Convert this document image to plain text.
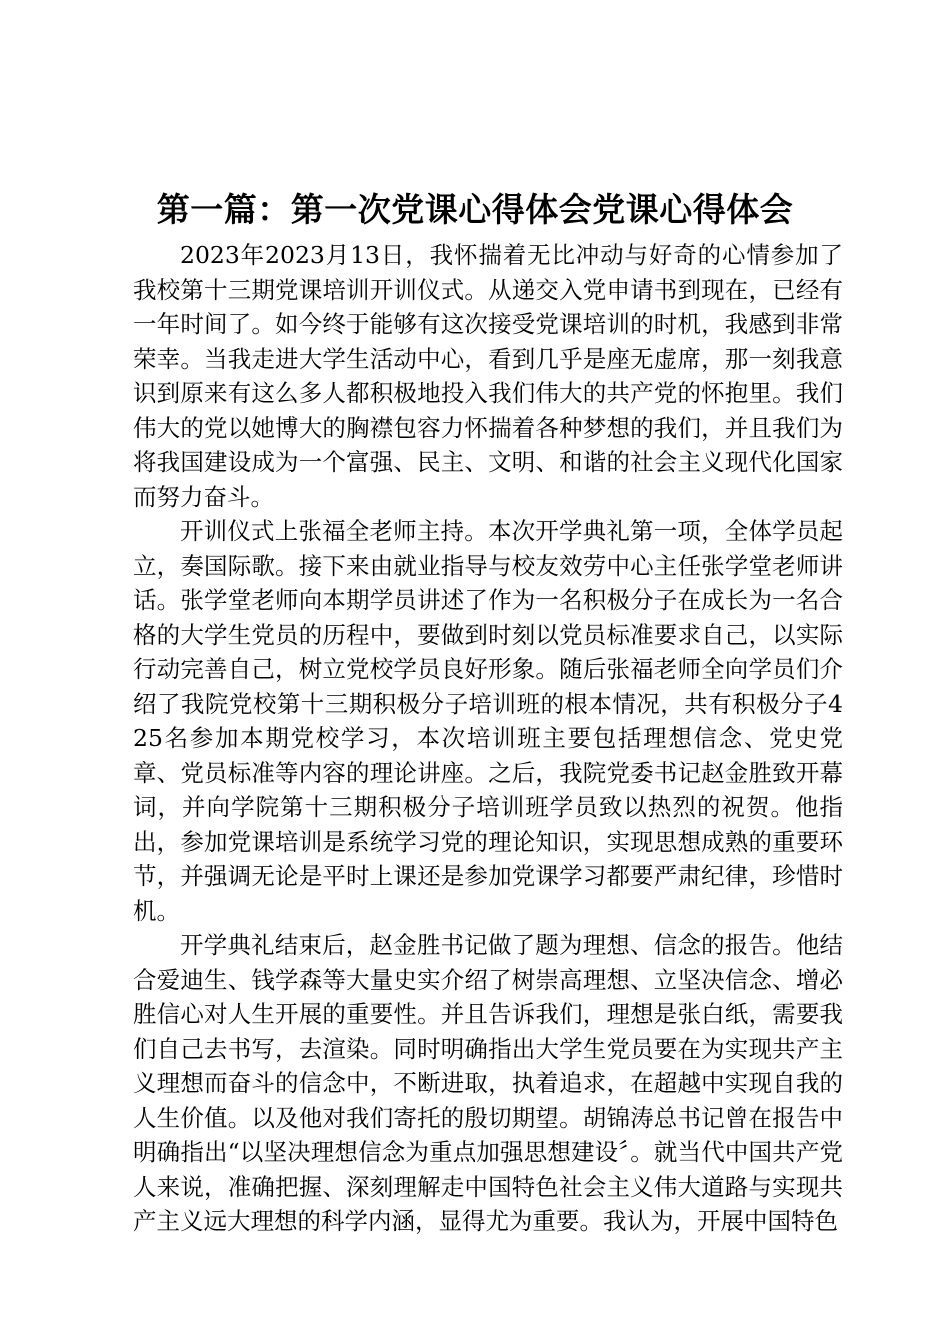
第一篇：第一次党课心得体会党课心得体会

2023年2023月13日，我怀揣着无比冲动与好奇的心情参加了我校第十三期党课培训开训仪式。从递交入党申请书到现在，已经有一年时间了。如今终于能够有这次接受党课培训的时机，我感到非常荣幸。当我走进大学生活动中心，看到几乎是座无虚席，那一刻我意识到原来有这么多人都积极地投入我们伟大的共产党的怀抱里。我们伟大的党以她博大的胸襟包容力怀揣着各种梦想的我们，并且我们为将我国建设成为一个富强、民主、文明、和谐的社会主义现代化国家而努力奋斗。

开训仪式上张福全老师主持。本次开学典礼第一项，全体学员起立，奏国际歌。接下来由就业指导与校友效劳中心主任张学堂老师讲话。张学堂老师向本期学员讲述了作为一名积极分子在成长为一名合格的大学生党员的历程中，要做到时刻以党员标准要求自己，以实际行动完善自己，树立党校学员良好形象。随后张福老师全向学员们介绍了我院党校第十三期积极分子培训班的根本情况，共有积极分子425名参加本期党校学习，本次培训班主要包括理想信念、党史党章、党员标准等内容的理论讲座。之后，我院党委书记赵金胜致开幕词，并向学院第十三期积极分子培训班学员致以热烈的祝贺。他指出，参加党课培训是系统学习党的理论知识，实现思想成熟的重要环节，并强调无论是平时上课还是参加党课学习都要严肃纪律，珍惜时机。

开学典礼结束后，赵金胜书记做了题为理想、信念的报告。他结合爱迪生、钱学森等大量史实介绍了树崇高理想、立坚决信念、增必胜信心对人生开展的重要性。并且告诉我们，理想是张白纸，需要我们自己去书写，去渲染。同时明确指出大学生党员要在为实现共产主义理想而奋斗的信念中，不断进取，执着追求，在超越中实现自我的人生价值。以及他对我们寄托的殷切期望。胡锦涛总书记曾在报告中明确指出“以坚决理想信念为重点加强思想建设〞。就当代中国共产党人来说，准确把握、深刻理解走中国特色社会主义伟大道路与实现共产主义远大理想的科学内涵，显得尤为重要。我认为，开展中国特色
